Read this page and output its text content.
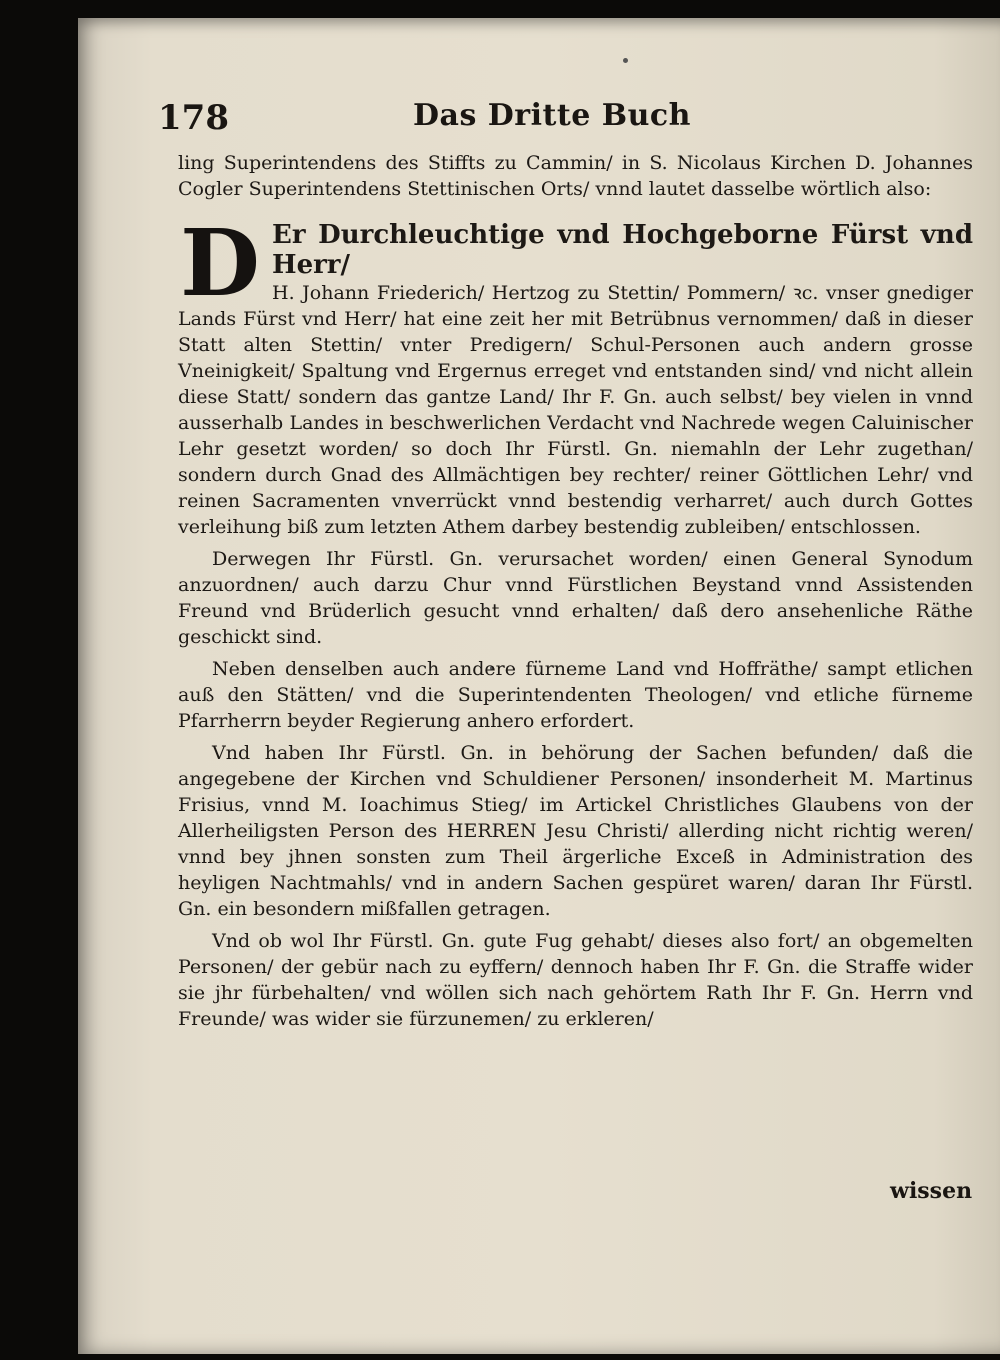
178	Das Dritte Buch

ling Superintendens des Stiffts zu Cammin/ in S. Nicolaus Kirchen D. Johannes Cogler Superintendens Stettinischen Orts/ vnnd lautet dasselbe wörtlich also:

D Er Durchleuchtige vnd Hochgeborne Fürst vnd Herr/

H. Johann Friederich/ Hertzog zu Stettin/ Pommern/ ꝛc. vnser gnediger Lands Fürst vnd Herr/ hat eine zeit her mit Betrübnus vernommen/ daß in dieser Statt alten Stettin/ vnter Predigern/ Schul-Personen auch andern grosse Vneinigkeit/ Spaltung vnd Ergernus erreget vnd entstanden sind/ vnd nicht allein diese Statt/ sondern das gantze Land/ Ihr F. Gn. auch selbst/ bey vielen in vnnd ausserhalb Landes in beschwerlichen Verdacht vnd Nachrede wegen Caluinischer Lehr gesetzt worden/ so doch Ihr Fürstl. Gn. niemahln der Lehr zugethan/ sondern durch Gnad des Allmächtigen bey rechter/ reiner Göttlichen Lehr/ vnd reinen Sacramenten vnverrückt vnnd bestendig verharret/ auch durch Gottes verleihung biß zum letzten Athem darbey bestendig zubleiben/ entschlossen.

Derwegen Ihr Fürstl. Gn. verursachet worden/ einen General Synodum anzuordnen/ auch darzu Chur vnnd Fürstlichen Beystand vnnd Assistenden Freund vnd Brüderlich gesucht vnnd erhalten/ daß dero ansehenliche Räthe geschickt sind.

Neben denselben auch andere fürneme Land vnd Hoffräthe/ sampt etlichen auß den Stätten/ vnd die Superintendenten Theologen/ vnd etliche fürneme Pfarrherrn beyder Regierung anhero erfordert.

Vnd haben Ihr Fürstl. Gn. in behörung der Sachen befunden/ daß die angegebene der Kirchen vnd Schuldiener Personen/ insonderheit M. Martinus Frisius, vnnd M. Ioachimus Stieg/ im Artickel Christliches Glaubens von der Allerheiligsten Person des HERREN Jesu Christi/ allerding nicht richtig weren/ vnnd bey jhnen sonsten zum Theil ärgerliche Exceß in Administration des heyligen Nachtmahls/ vnd in andern Sachen gespüret waren/ daran Ihr Fürstl. Gn. ein besondern mißfallen getragen.

Vnd ob wol Ihr Fürstl. Gn. gute Fug gehabt/ dieses also fort/ an obgemelten Personen/ der gebür nach zu eyffern/ dennoch haben Ihr F. Gn. die Straffe wider sie jhr fürbehalten/ vnd wöllen sich nach gehörtem Rath Ihr F. Gn. Herrn vnd Freunde/ was wider sie fürzunemen/ zu erkleren/

wissen
